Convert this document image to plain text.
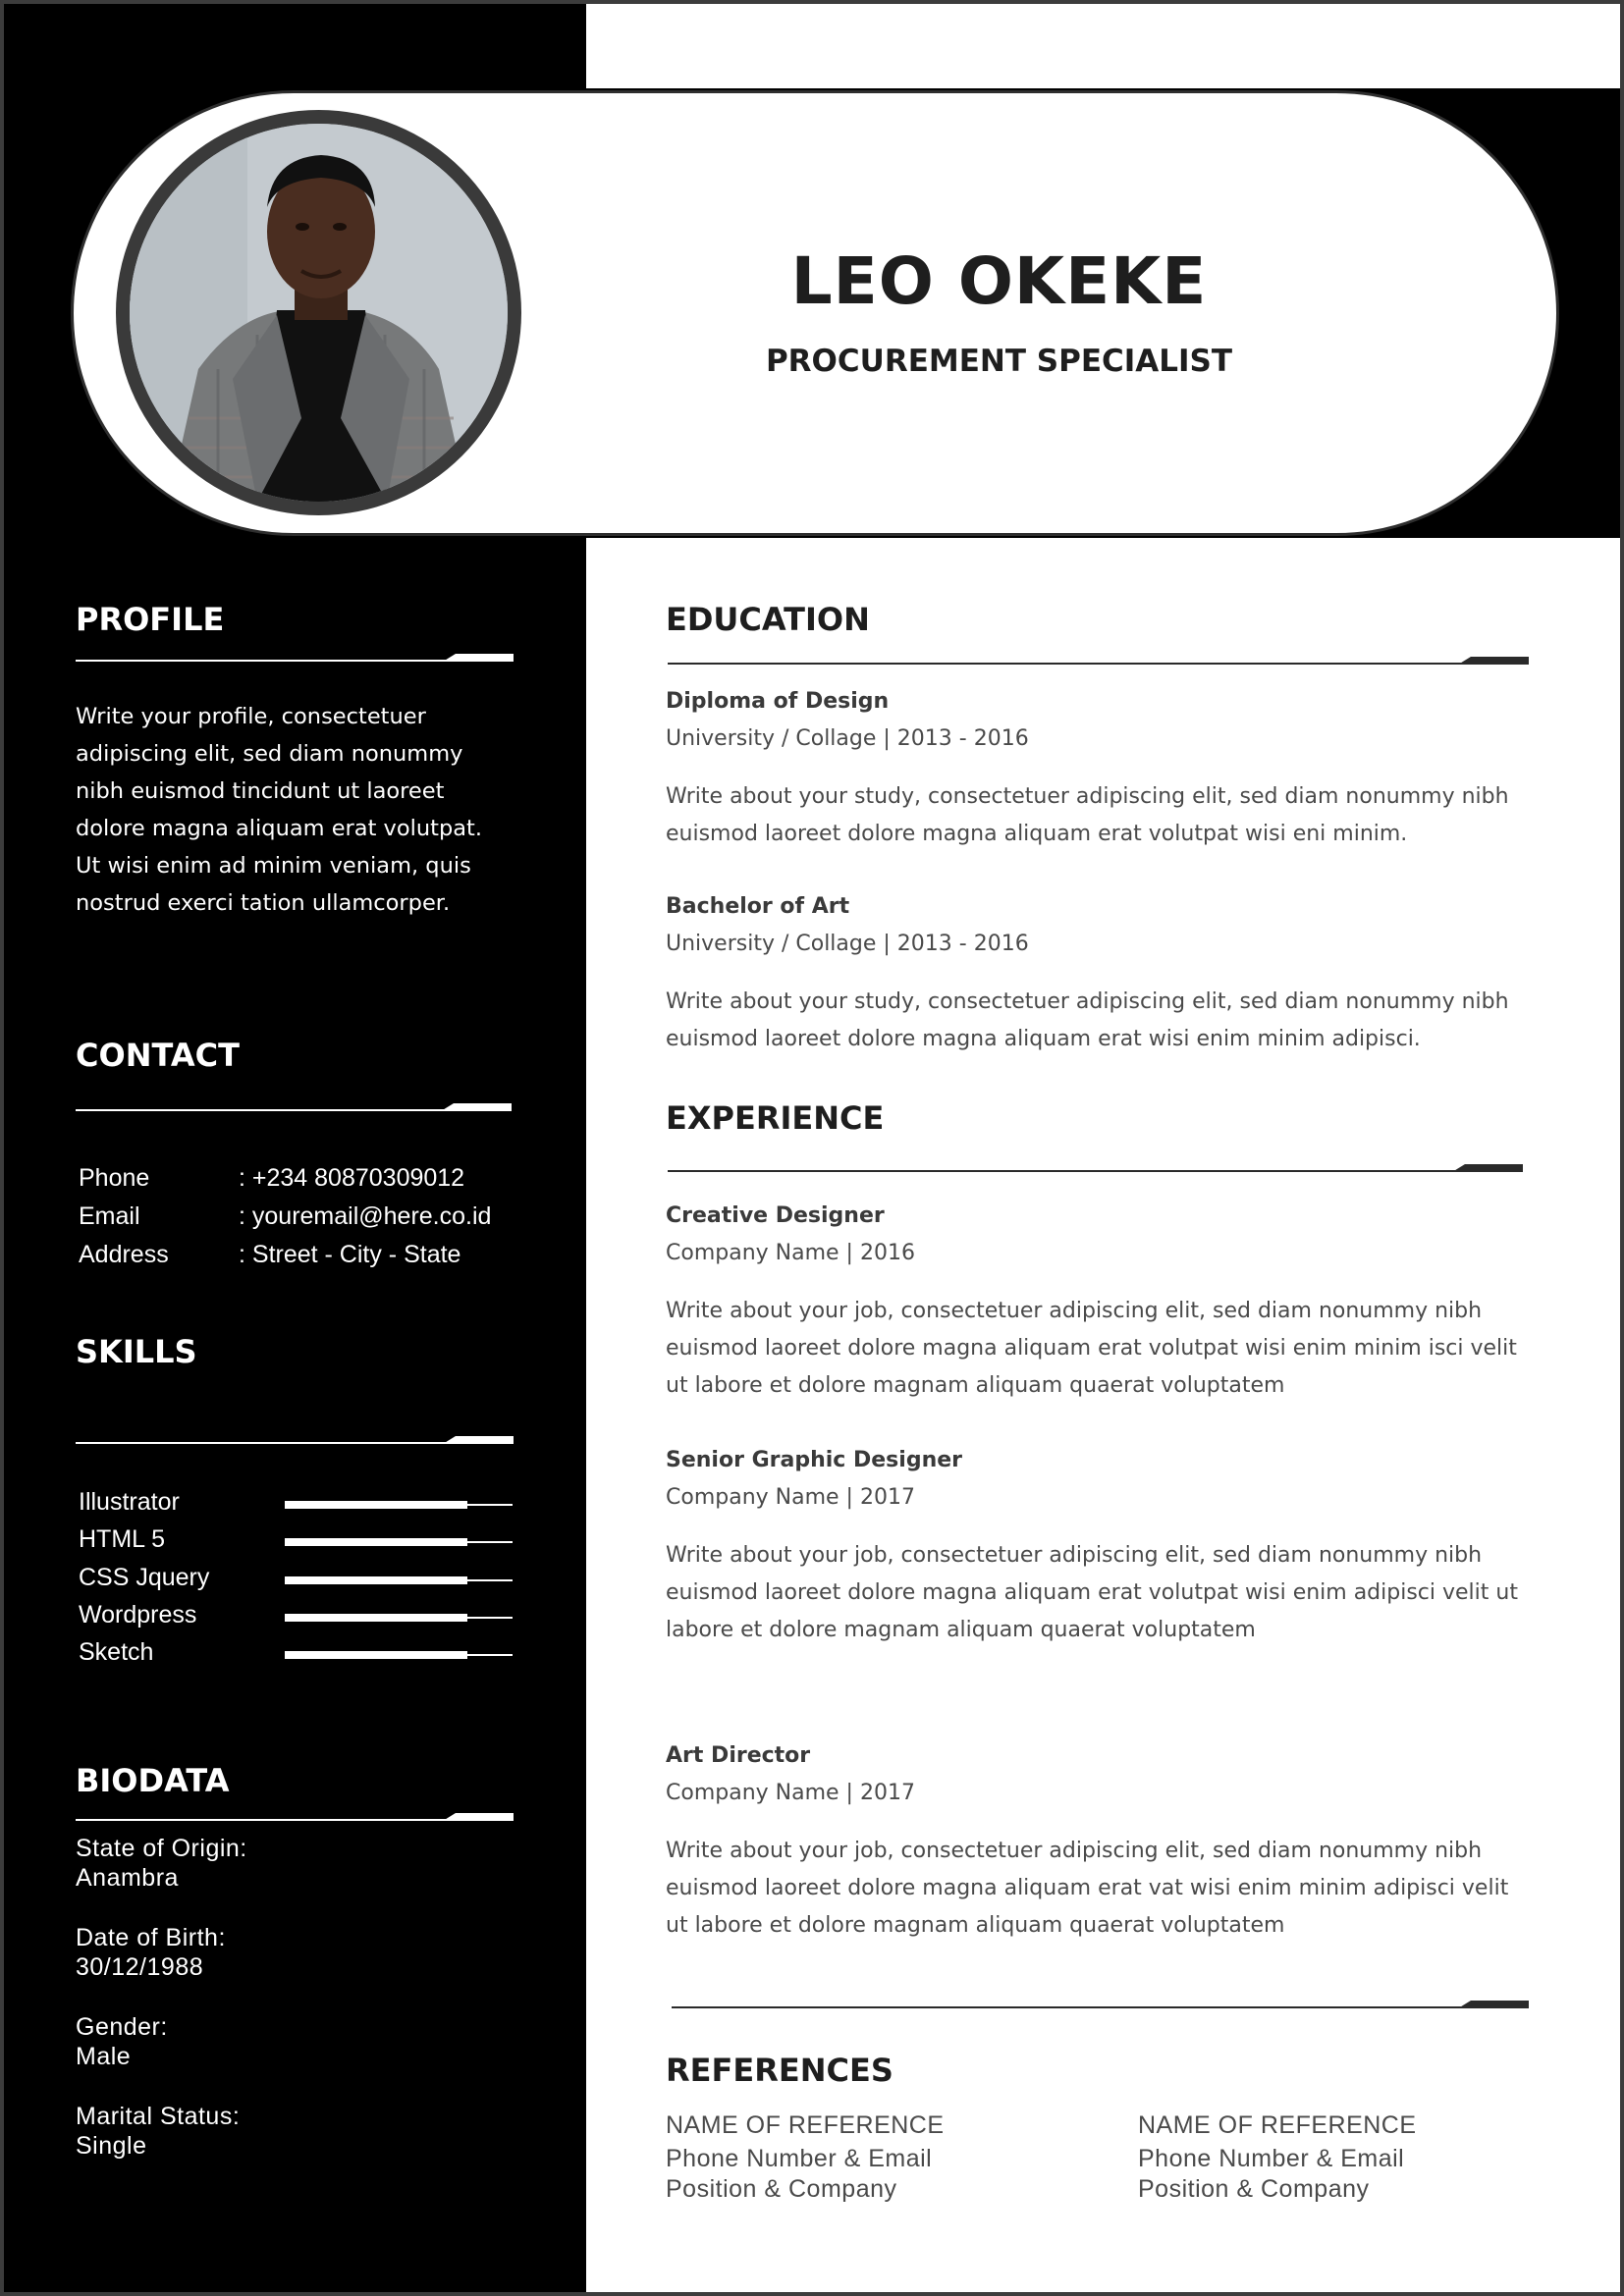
LEO OKEKE
PROCUREMENT SPECIALIST
PROFILE
Write your profile, consectetuer
adipiscing elit, sed diam nonummy
nibh euismod tincidunt ut laoreet
dolore magna aliquam erat volutpat.
Ut wisi enim ad minim veniam, quis
nostrud exerci tation ullamcorper.
CONTACT
Phone	: +234 80870309012
Email	: youremail@here.co.id
Address	: Street - City - State
SKILLS
Illustrator
HTML 5
CSS Jquery
Wordpress
Sketch
BIODATA
State of Origin:
Anambra
Date of Birth:
30/12/1988
Gender:
Male
Marital Status:
Single
EDUCATION
Diploma of Design
University / Collage | 2013 - 2016
Write about your study, consectetuer adipiscing elit, sed diam nonummy nibh
euismod laoreet dolore magna aliquam erat volutpat wisi eni minim.
Bachelor of Art
University / Collage | 2013 - 2016
Write about your study, consectetuer adipiscing elit, sed diam nonummy nibh
euismod laoreet dolore magna aliquam erat wisi enim minim adipisci.
EXPERIENCE
Creative Designer
Company Name | 2016
Write about your job, consectetuer adipiscing elit, sed diam nonummy nibh
euismod laoreet dolore magna aliquam erat volutpat wisi enim minim isci velit
ut labore et dolore magnam aliquam quaerat voluptatem
Senior Graphic Designer
Company Name | 2017
Write about your job, consectetuer adipiscing elit, sed diam nonummy nibh
euismod laoreet dolore magna aliquam erat volutpat wisi enim adipisci velit ut
labore et dolore magnam aliquam quaerat voluptatem
Art Director
Company Name | 2017
Write about your job, consectetuer adipiscing elit, sed diam nonummy nibh
euismod laoreet dolore magna aliquam erat vat wisi enim minim adipisci velit
ut labore et dolore magnam aliquam quaerat voluptatem
REFERENCES
NAME OF REFERENCE
Phone Number & Email
Position & Company
NAME OF REFERENCE
Phone Number & Email
Position & Company
